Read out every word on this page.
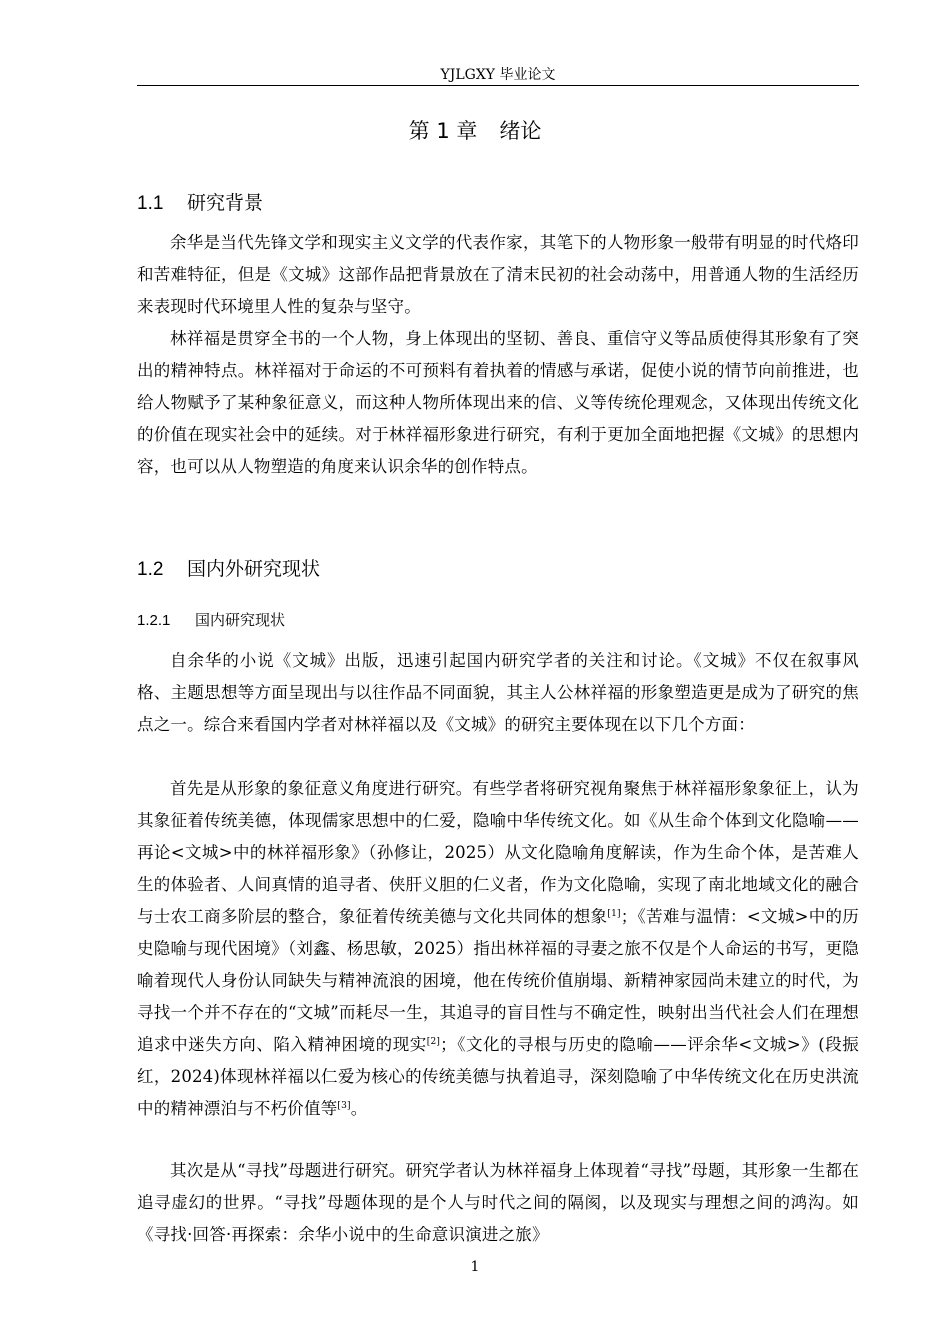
YJLGXY 毕业论文
第 1 章 绪论
1.1 研究背景

余华是当代先锋文学和现实主义文学的代表作家，其笔下的人物形象一般带有明显的时代烙印和苦难特征，但是《文城》这部作品把背景放在了清末民初的社会动荡中，用普通人物的生活经历来表现时代环境里人性的复杂与坚守。

林祥福是贯穿全书的一个人物，身上体现出的坚韧、善良、重信守义等品质使得其形象有了突出的精神特点。林祥福对于命运的不可预料有着执着的情感与承诺，促使小说的情节向前推进，也给人物赋予了某种象征意义，而这种人物所体现出来的信、义等传统伦理观念，又体现出传统文化的价值在现实社会中的延续。对于林祥福形象进行研究，有利于更加全面地把握《文城》的思想内容，也可以从人物塑造的角度来认识余华的创作特点。

1.2 国内外研究现状
1.2.1 国内研究现状

自余华的小说《文城》出版，迅速引起国内研究学者的关注和讨论。《文城》不仅在叙事风格、主题思想等方面呈现出与以往作品不同面貌，其主人公林祥福的形象塑造更是成为了研究的焦点之一。综合来看国内学者对林祥福以及《文城》的研究主要体现在以下几个方面：

首先是从形象的象征意义角度进行研究。有些学者将研究视角聚焦于林祥福形象象征上，认为其象征着传统美德，体现儒家思想中的仁爱，隐喻中华传统文化。如《从生命个体到文化隐喻——再论<文城>中的林祥福形象》（孙修让，2025）从文化隐喻角度解读，作为生命个体，是苦难人生的体验者、人间真情的追寻者、侠肝义胆的仁义者，作为文化隐喻，实现了南北地域文化的融合与士农工商多阶层的整合，象征着传统美德与文化共同体的想象[1]；《苦难与温情：<文城>中的历史隐喻与现代困境》（刘鑫、杨思敏，2025）指出林祥福的寻妻之旅不仅是个人命运的书写，更隐喻着现代人身份认同缺失与精神流浪的困境，他在传统价值崩塌、新精神家园尚未建立的时代，为寻找一个并不存在的“文城”而耗尽一生，其追寻的盲目性与不确定性，映射出当代社会人们在理想追求中迷失方向、陷入精神困境的现实[2]；《文化的寻根与历史的隐喻——评余华<文城>》(段振红，2024)体现林祥福以仁爱为核心的传统美德与执着追寻，深刻隐喻了中华传统文化在历史洪流中的精神漂泊与不朽价值等[3]。

其次是从“寻找”母题进行研究。研究学者认为林祥福身上体现着“寻找”母题，其形象一生都在追寻虚幻的世界。“寻找”母题体现的是个人与时代之间的隔阂，以及现实与理想之间的鸿沟。如《寻找·回答·再探索：余华小说中的生命意识演进之旅》

1
